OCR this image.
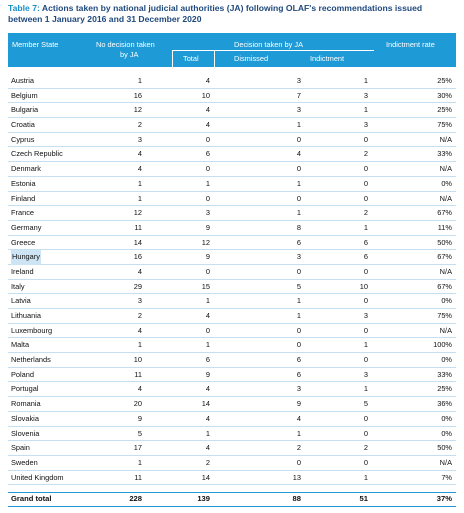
Table 7: Actions taken by national judicial authorities (JA) following OLAF's recommendations issued between 1 January 2016 and 31 December 2020
Member State	No decision taken
by JA
Decision taken by JA
Total	Dismissed	Indictment
Indictment rate
Austria	1	4	3	1	25%
Belgium	16	10	7	3	30%
Bulgaria	12	4	3	1	25%
Croatia	2	4	1	3	75%
Cyprus	3	0	0	0	N/A
Czech Republic	4	6	4	2	33%
Denmark	4	0	0	0	N/A
Estonia	1	1	1	0	0%
Finland	1	0	0	0	N/A
France	12	3	1	2	67%
Germany	11	9	8	1	11%
Greece	14	12	6	6	50%
Hungary	16	9	3	6	67%
Ireland	4	0	0	0	N/A
Italy	29	15	5	10	67%
Latvia	3	1	1	0	0%
Lithuania	2	4	1	3	75%
Luxembourg	4	0	0	0	N/A
Malta	1	1	0	1	100%
Netherlands	10	6	6	0	0%
Poland	11	9	6	3	33%
Portugal	4	4	3	1	25%
Romania	20	14	9	5	36%
Slovakia	9	4	4	0	0%
Slovenia	5	1	1	0	0%
Spain	17	4	2	2	50%
Sweden	1	2	0	0	N/A
United Kingdom	11	14	13	1	7%
Grand total	228	139	88	51	37%
